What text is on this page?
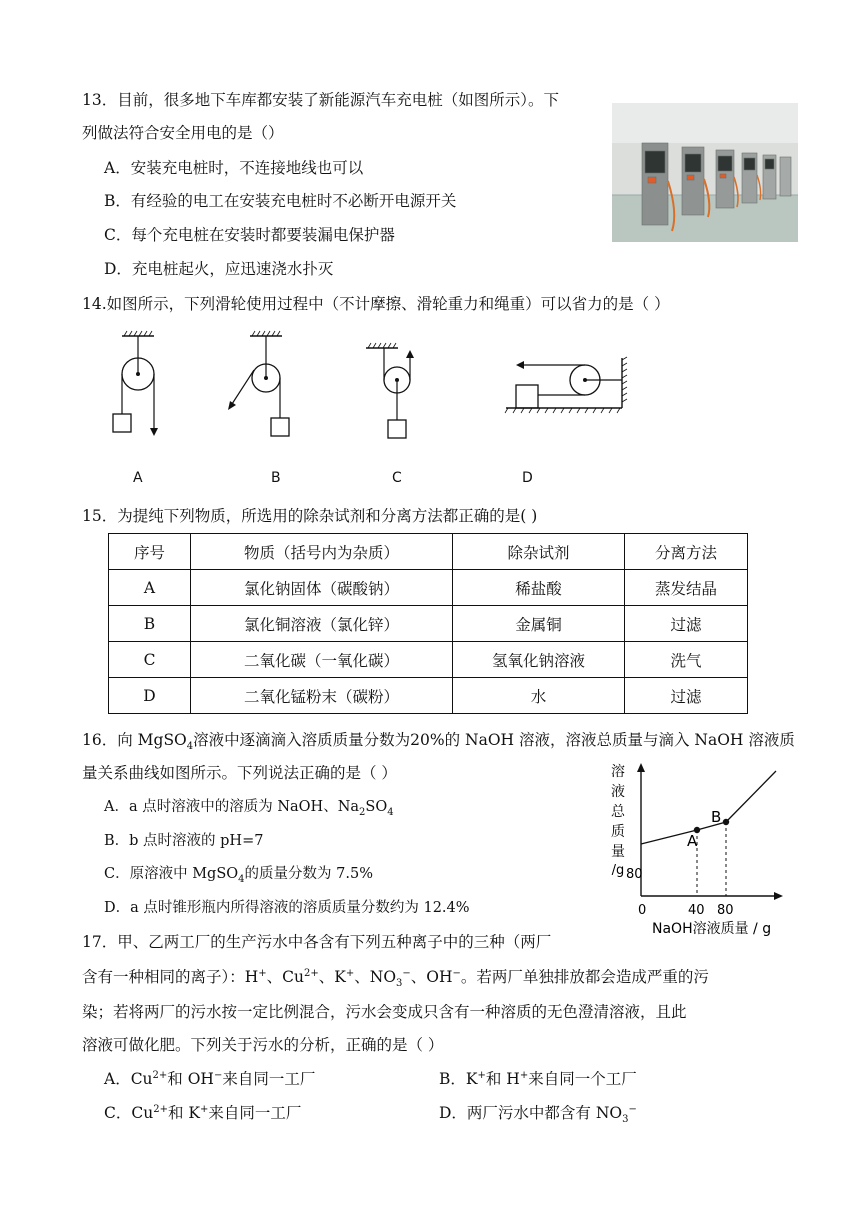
13．目前，很多地下车库都安装了新能源汽车充电桩（如图所示）。下
列做法符合安全用电的是（）
A．安装充电桩时，不连接地线也可以
B．有经验的电工在安装充电桩时不必断开电源开关
C．每个充电桩在安装时都要装漏电保护器
D．充电桩起火，应迅速浇水扑灭
14.如图所示，下列滑轮使用过程中（不计摩擦、滑轮重力和绳重）可以省力的是（ ）
A	B	C	D
15．为提纯下列物质，所选用的除杂试剂和分离方法都正确的是( )
序号	物质（括号内为杂质）	除杂试剂	分离方法
A	氯化钠固体（碳酸钠）	稀盐酸	蒸发结晶
B	氯化铜溶液（氯化锌）	金属铜	过滤
C	二氧化碳（一氧化碳）	氢氧化钠溶液	洗气
D	二氧化锰粉末（碳粉）	水	过滤
16．向 MgSO$_4$溶液中逐滴滴入溶质质量分数为20%的 NaOH 溶液，溶液总质量与滴入 NaOH 溶液质
量关系曲线如图所示。下列说法正确的是（ ）
A．a 点时溶液中的溶质为 NaOH、$Na_2SO_4$
B．b 点时溶液的 pH=7
C．原溶液中 MgSO$_4$的质量分数为 7.5%
D．a 点时锥形瓶内所得溶液的溶质质量分数约为 12.4%
溶
液
总
质
量
/g 80
A
B
0	40 80
NaOH溶液质量 / g
17．甲、乙两工厂的生产污水中各含有下列五种离子中的三种（两厂
含有一种相同的离子）：H+、$Cu^{2+}$、K+、$NO_3^-$、OH−。若两厂单独排放都会造成严重的污
染；若将两厂的污水按一定比例混合，污水会变成只含有一种溶质的无色澄清溶液，且此
溶液可做化肥。下列关于污水的分析，正确的是（ ）
A．$Cu^{2+}$和 OH−来自同一工厂	B．K+和 H+来自同一个工厂
C．$Cu^{2+}$和 K+来自同一工厂	D．两厂污水中都含有 $NO_3^-$
